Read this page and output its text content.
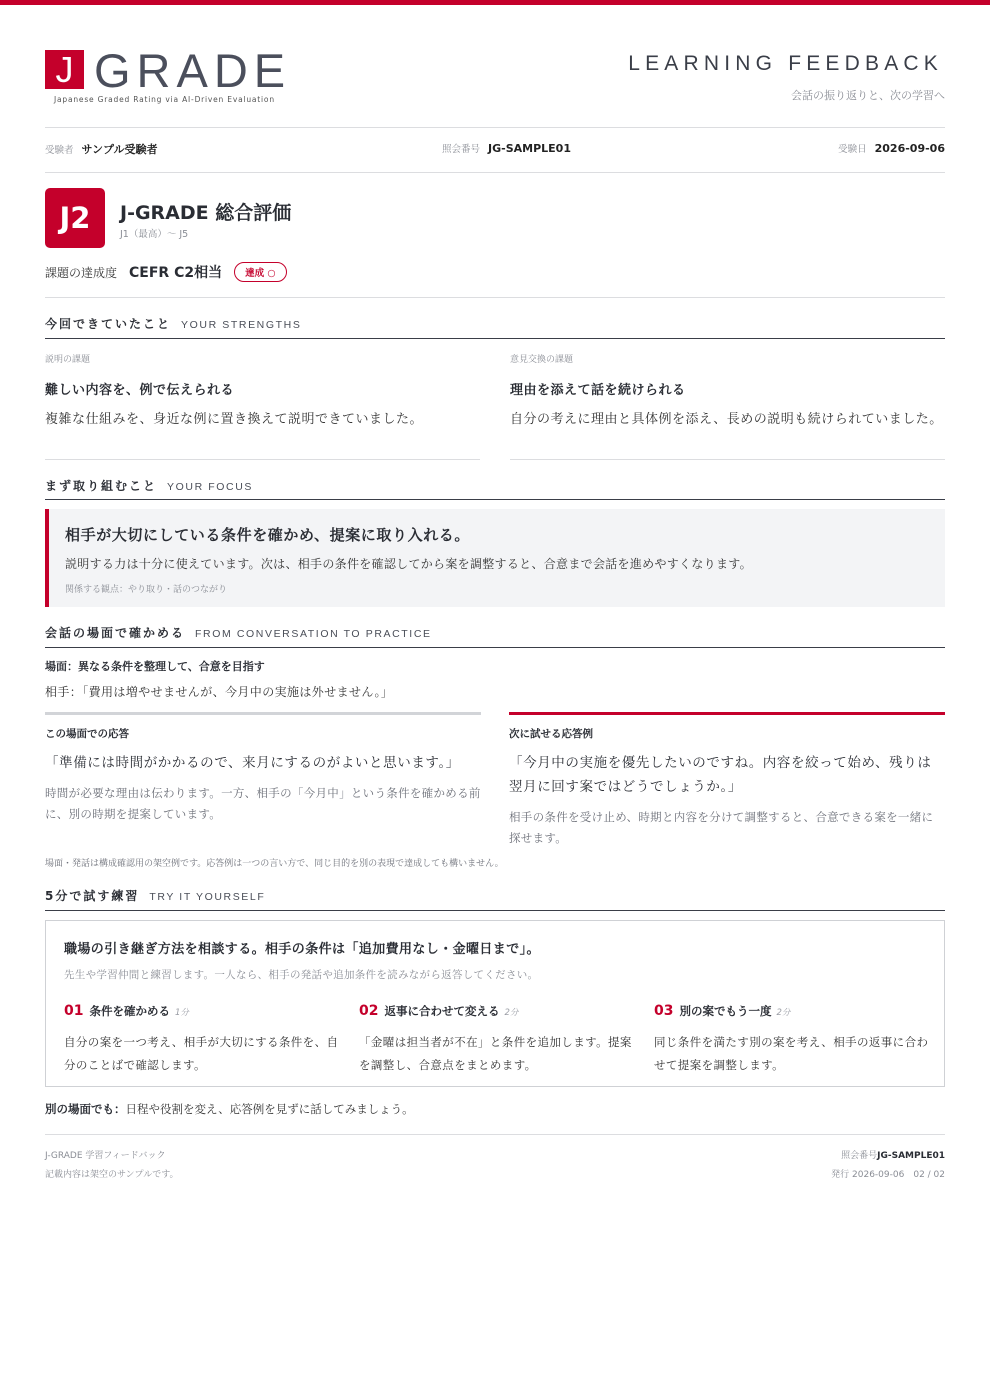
J GRADE
Japanese Graded Rating via AI-Driven Evaluation
LEARNING FEEDBACK
会話の振り返りと、次の学習へ
受験者 サンプル受験者	照会番号 JG-SAMPLE01	受験日 2026-09-06
J2	J-GRADE 総合評価
J1（最高）〜 J5
課題の達成度 CEFR C2相当	達成 ○
今回できていたこと YOUR STRENGTHS
説明の課題
難しい内容を、例で伝えられる
複雑な仕組みを、身近な例に置き換えて説明できていました。
意見交換の課題
理由を添えて話を続けられる
自分の考えに理由と具体例を添え、長めの説明も続けられていました。
まず取り組むこと YOUR FOCUS
相手が大切にしている条件を確かめ、提案に取り入れる。
説明する力は十分に使えています。次は、相手の条件を確認してから案を調整すると、合意まで会話を進めやすくなります。
関係する観点：やり取り・話のつながり
会話の場面で確かめる FROM CONVERSATION TO PRACTICE
場面：異なる条件を整理して、合意を目指す
相手：「費用は増やせませんが、今月中の実施は外せません。」
この場面での応答
「準備には時間がかかるので、来月にするのがよいと思います。」
時間が必要な理由は伝わります。一方、相手の「今月中」という条件を確かめる前に、別の時期を提案しています。
次に試せる応答例
「今月中の実施を優先したいのですね。内容を絞って始め、残りは翌月に回す案ではどうでしょうか。」
相手の条件を受け止め、時期と内容を分けて調整すると、合意できる案を一緒に探せます。
場面・発話は構成確認用の架空例です。応答例は一つの言い方で、同じ目的を別の表現で達成しても構いません。
5分で試す練習 TRY IT YOURSELF
職場の引き継ぎ方法を相談する。相手の条件は「追加費用なし・金曜日まで」。
先生や学習仲間と練習します。一人なら、相手の発話や追加条件を読みながら返答してください。
01 条件を確かめる 1分
自分の案を一つ考え、相手が大切にする条件を、自分のことばで確認します。
02 返事に合わせて変える 2分
「金曜は担当者が不在」と条件を追加します。提案を調整し、合意点をまとめます。
03 別の案でもう一度 2分
同じ条件を満たす別の案を考え、相手の返事に合わせて提案を調整します。
別の場面でも：日程や役割を変え、応答例を見ずに話してみましょう。
J-GRADE 学習フィードバック
記載内容は架空のサンプルです。
照会番号JG-SAMPLE01
発行 2026-09-06　02 / 02
